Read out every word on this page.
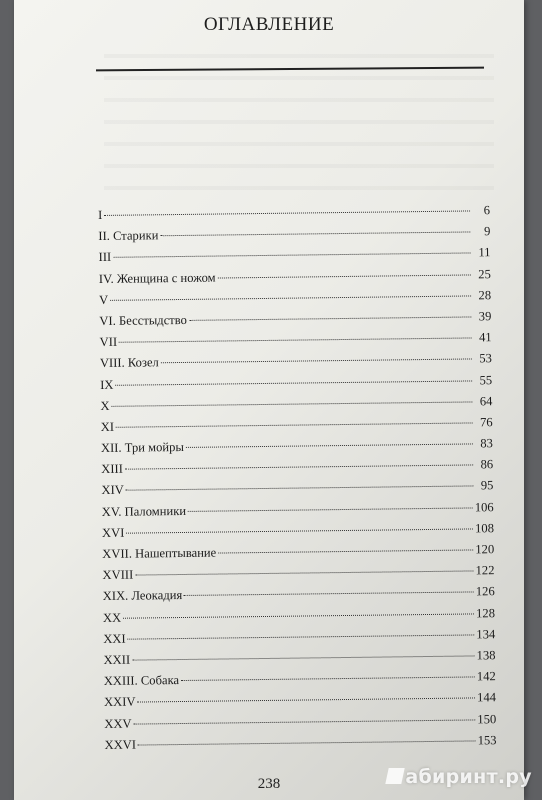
ОГЛАВЛЕНИЕ
I	6
II. Старики	9
III	11
IV. Женщина с ножом	25
V	28
VI. Бесстыдство	39
VII	41
VIII. Козел	53
IX	55
X	64
XI	76
XII. Три мойры	83
XIII	86
XIV	95
XV. Паломники	106
XVI	108
XVII. Нашептывание	120
XVIII	122
XIX. Леокадия	126
XX	128
XXI	134
XXII	138
XXIII. Собака	142
XXIV	144
XXV	150
XXVI	153
238	абиринт.ру
